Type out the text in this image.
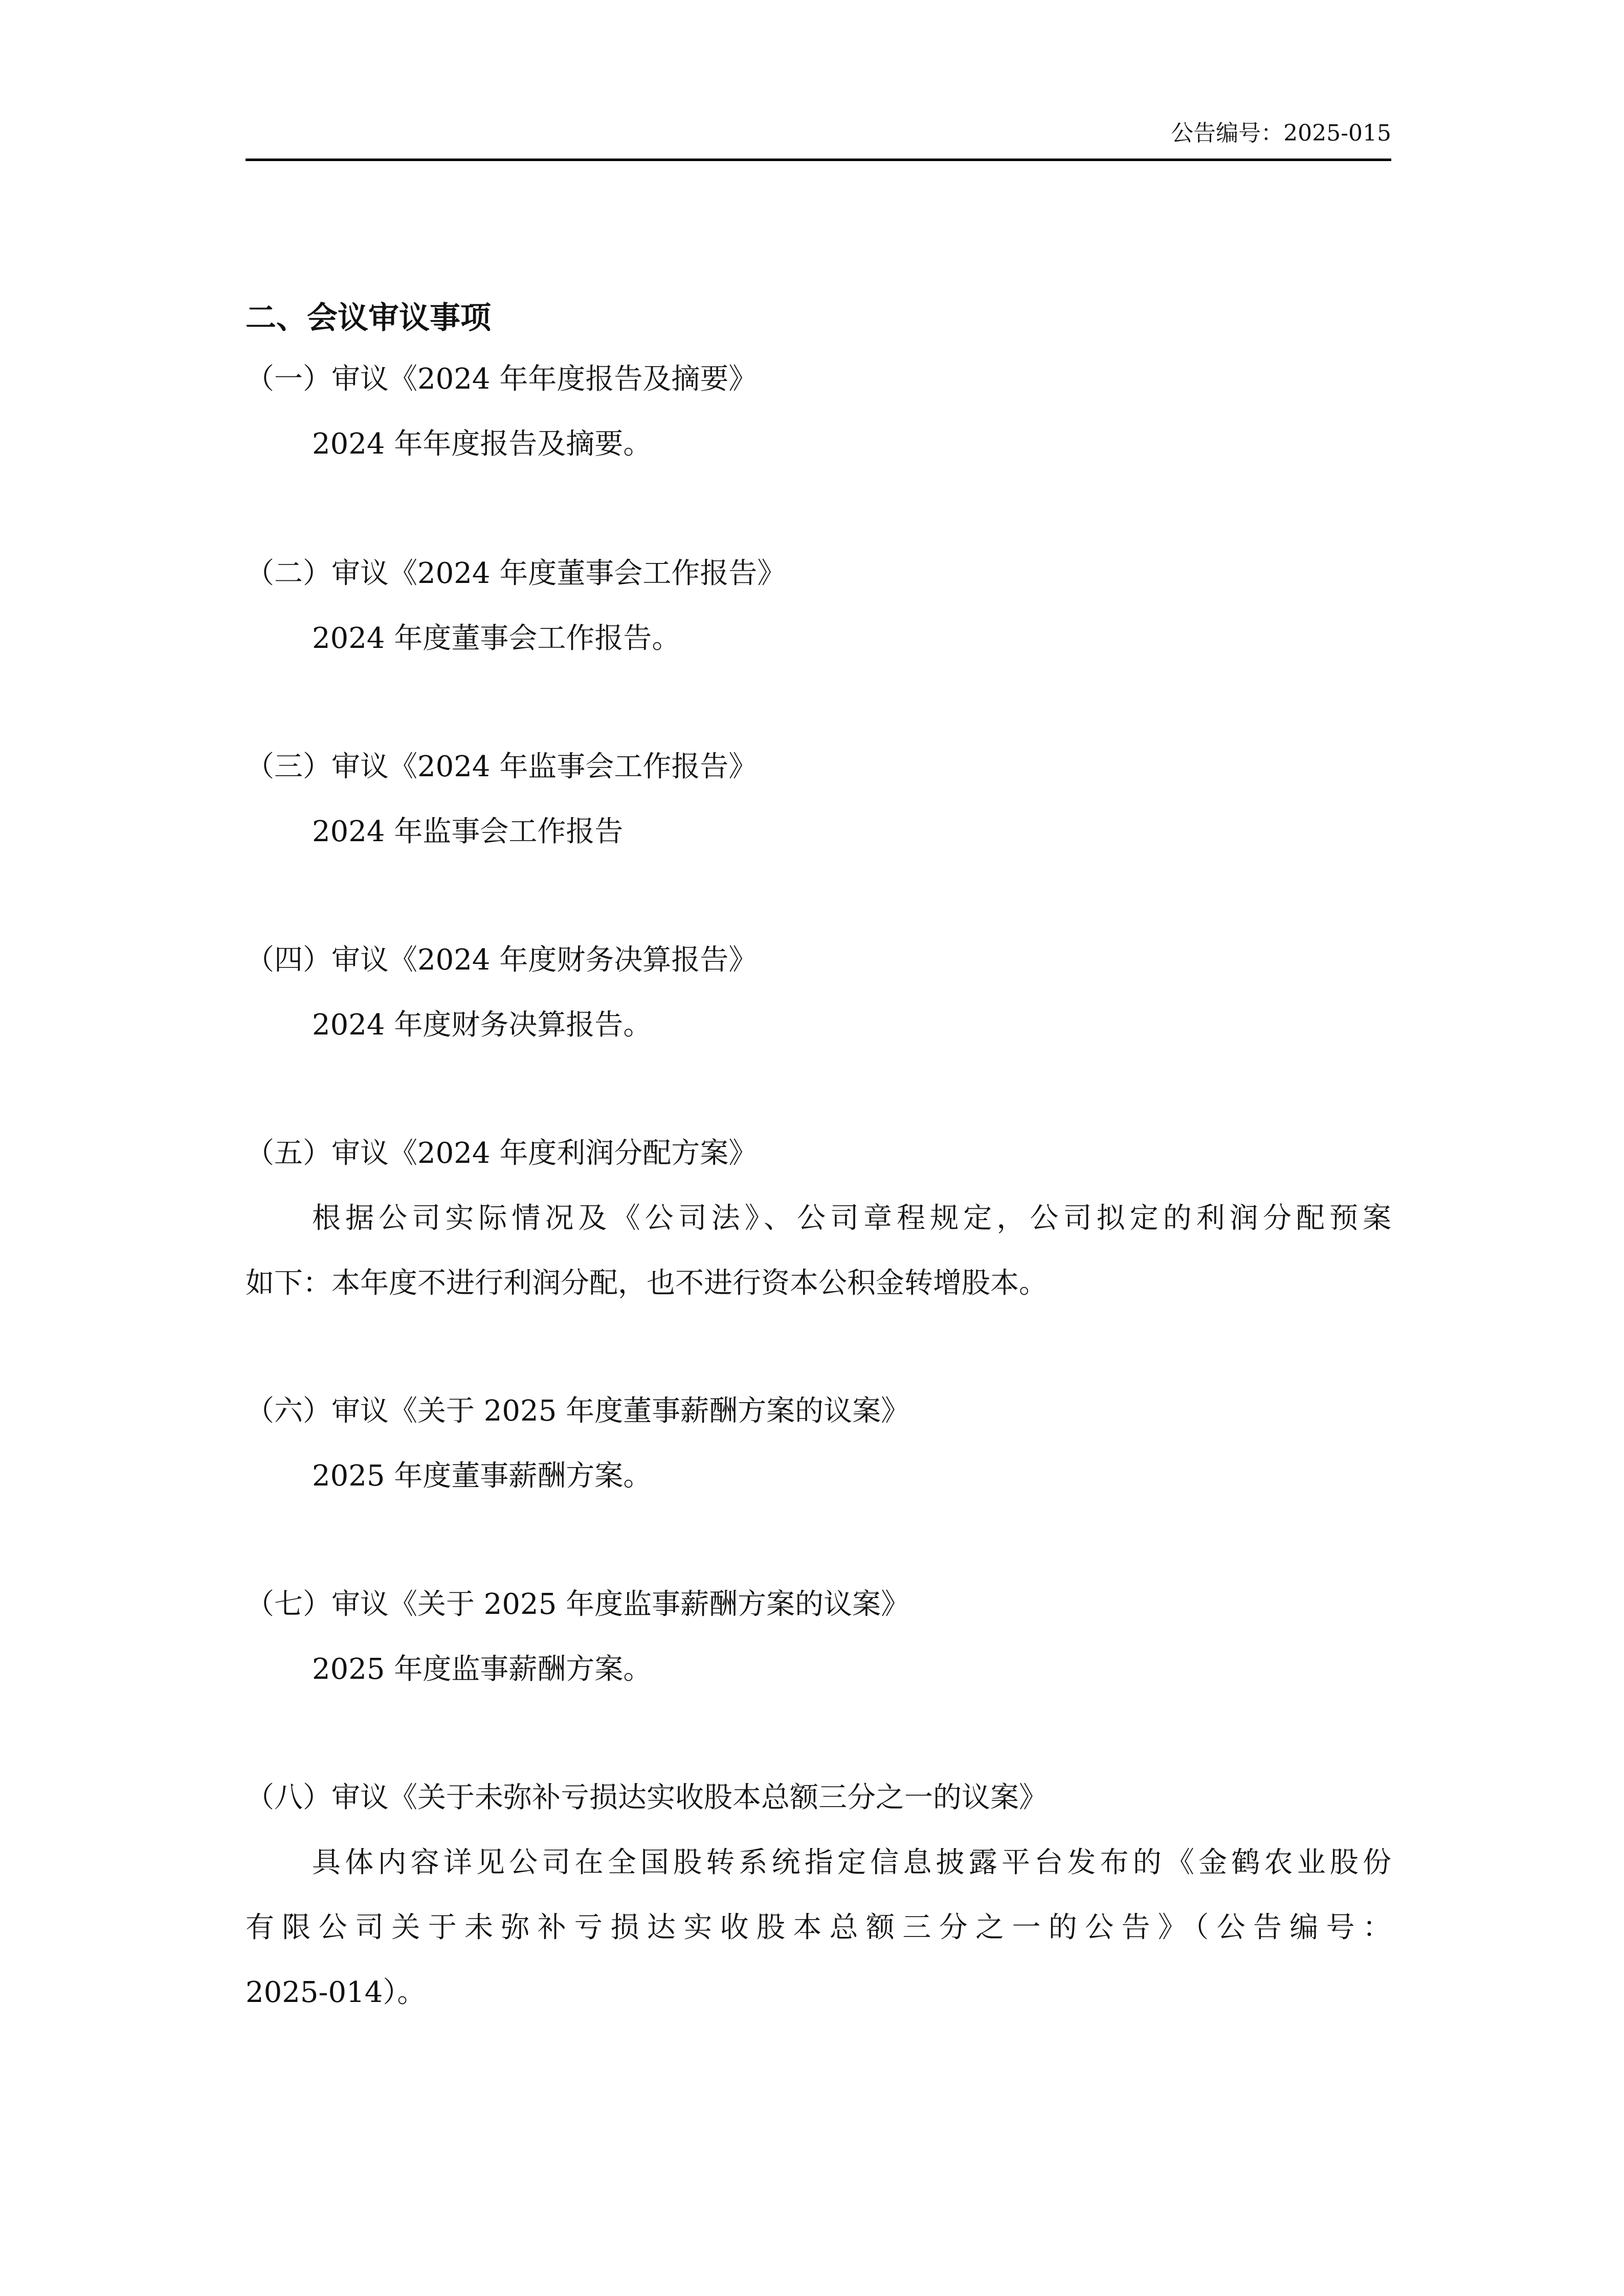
公告编号：2025-015
二、会议审议事项
（一）审议《2024 年年度报告及摘要》
2024 年年度报告及摘要。
（二）审议《2024 年度董事会工作报告》
2024 年度董事会工作报告。
（三）审议《2024 年监事会工作报告》
2024 年监事会工作报告
（四）审议《2024 年度财务决算报告》
2024 年度财务决算报告。
（五）审议《2024 年度利润分配方案》
根据公司实际情况及《公司法》、公司章程规定，公司拟定的利润分配预案
如下：本年度不进行利润分配，也不进行资本公积金转增股本。
（六）审议《关于 2025 年度董事薪酬方案的议案》
2025 年度董事薪酬方案。
（七）审议《关于 2025 年度监事薪酬方案的议案》
2025 年度监事薪酬方案。
（八）审议《关于未弥补亏损达实收股本总额三分之一的议案》
具体内容详见公司在全国股转系统指定信息披露平台发布的《金鹤农业股份
有限公司关于未弥补亏损达实收股本总额三分之一的公告》（公告编号：
2025-014）。
